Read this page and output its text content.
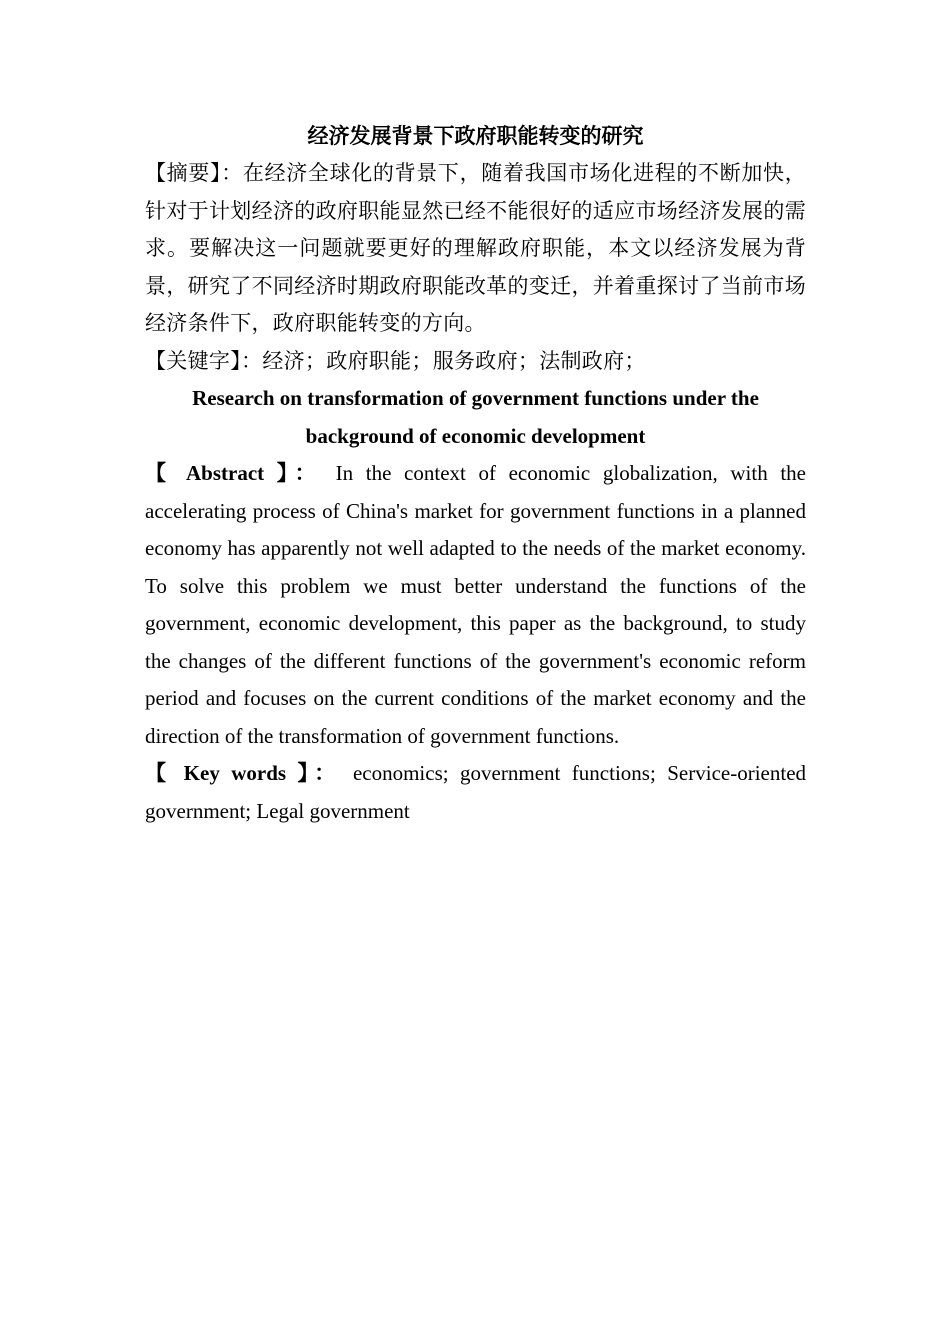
经济发展背景下政府职能转变的研究

【摘要】：在经济全球化的背景下，随着我国市场化进程的不断加快，针对于计划经济的政府职能显然已经不能很好的适应市场经济发展的需求。要解决这一问题就要更好的理解政府职能，本文以经济发展为背景，研究了不同经济时期政府职能改革的变迁，并着重探讨了当前市场经济条件下，政府职能转变的方向。

【关键字】：经济；政府职能；服务政府；法制政府；

Research on transformation of government functions under the
background of economic development

【 Abstract 】： In the context of economic globalization, with the accelerating process of China's market for government functions in a planned economy has apparently not well adapted to the needs of the market economy. To solve this problem we must better understand the functions of the government, economic development, this paper as the background, to study the changes of the different functions of the government's economic reform period and focuses on the current conditions of the market economy and the direction of the transformation of government functions.

【 Key words 】： economics; government functions; Service-oriented government; Legal government
